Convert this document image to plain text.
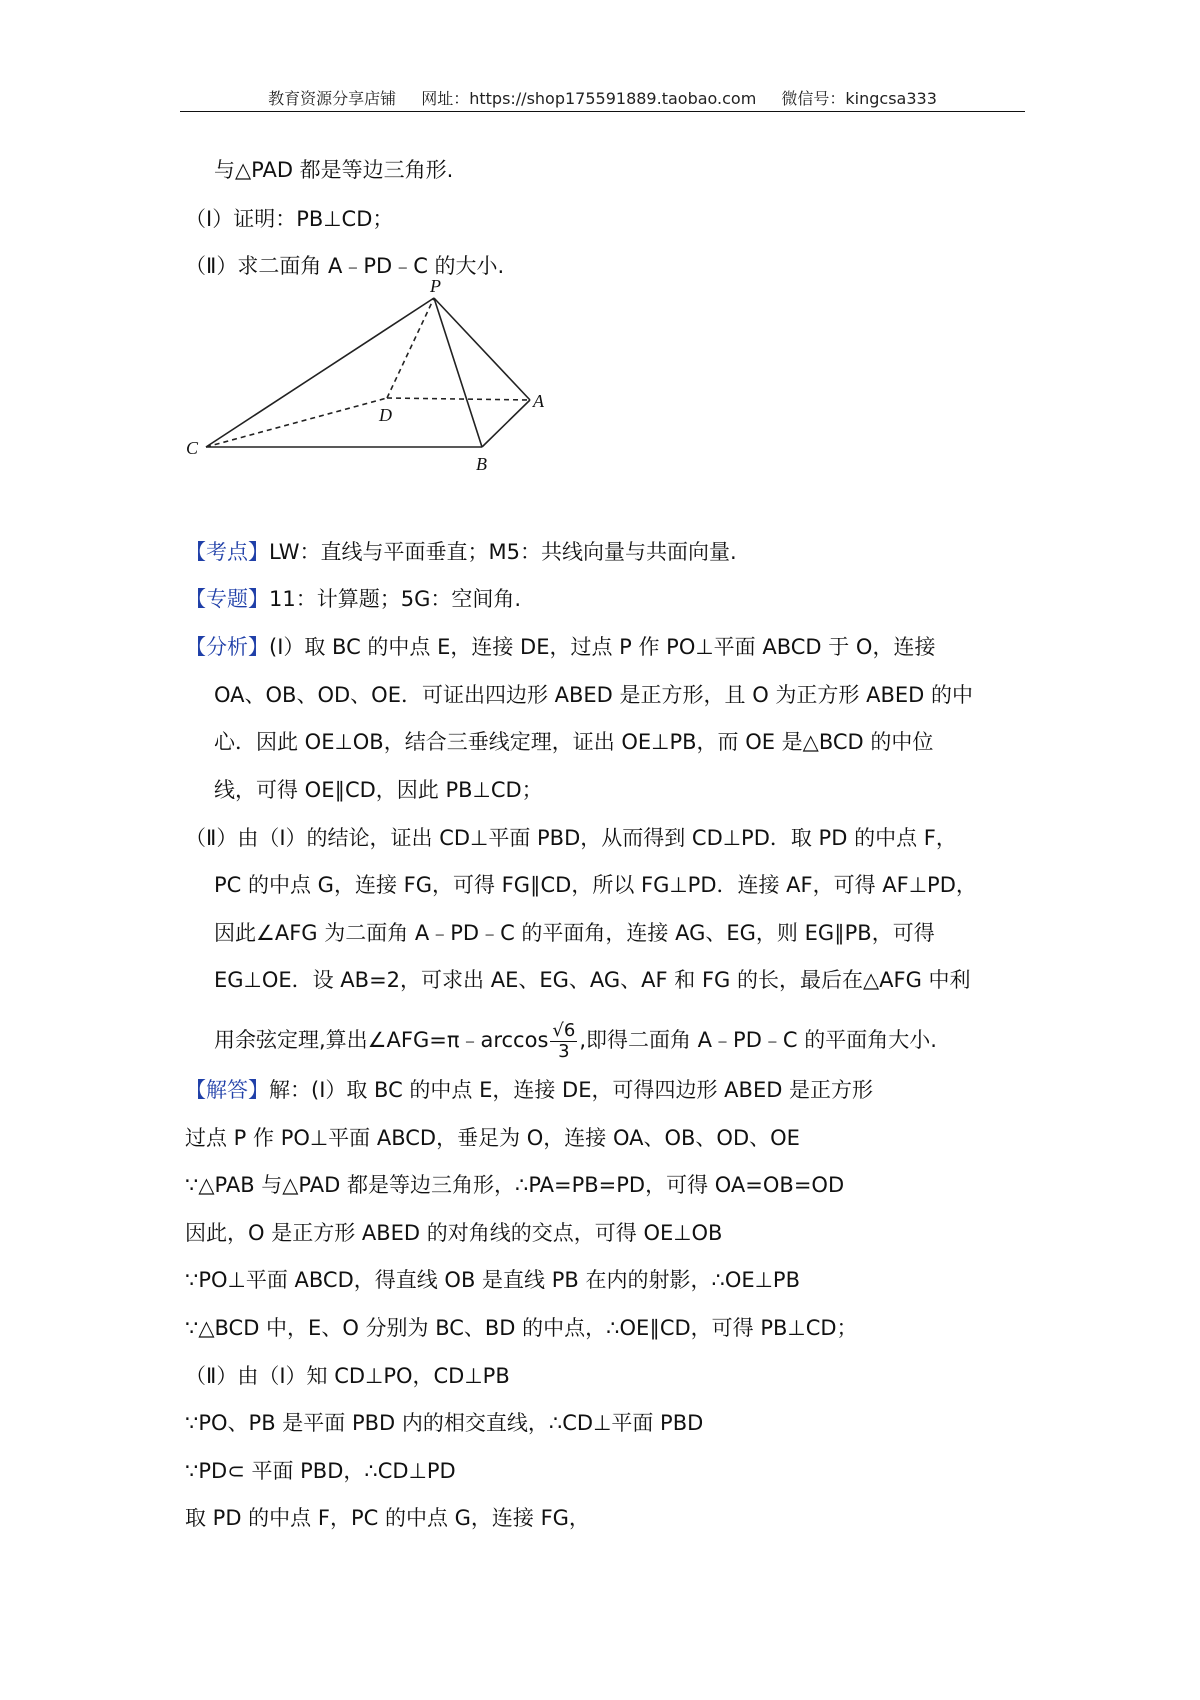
教育资源分享店铺 网址：https://shop175591889.taobao.com 微信号：kingcsa333
与△PAD 都是等边三角形.
（Ⅰ）证明：PB⊥CD；
（Ⅱ）求二面角 A﹣PD﹣C 的大小.
P
D
A
C
B
【考点】LW：直线与平面垂直；M5：共线向量与共面向量.
【专题】11：计算题；5G：空间角.
【分析】(Ⅰ）取 BC 的中点 E，连接 DE，过点 P 作 PO⊥平面 ABCD 于 O，连接
OA、OB、OD、OE．可证出四边形 ABED 是正方形，且 O 为正方形 ABED 的中
心．因此 OE⊥OB，结合三垂线定理，证出 OE⊥PB，而 OE 是△BCD 的中位
线，可得 OE∥CD，因此 PB⊥CD；
（Ⅱ）由（Ⅰ）的结论，证出 CD⊥平面 PBD，从而得到 CD⊥PD．取 PD 的中点 F，
PC 的中点 G，连接 FG，可得 FG∥CD，所以 FG⊥PD．连接 AF，可得 AF⊥PD，
因此∠AFG 为二面角 A﹣PD﹣C 的平面角，连接 AG、EG，则 EG∥PB，可得
EG⊥OE．设 AB=2，可求出 AE、EG、AG、AF 和 FG 的长，最后在△AFG 中利
用余弦定理,算出∠AFG=π﹣arccos $\frac{√6}{3}$ ,即得二面角 A﹣PD﹣C 的平面角大小.
【解答】解：(Ⅰ）取 BC 的中点 E，连接 DE，可得四边形 ABED 是正方形
过点 P 作 PO⊥平面 ABCD，垂足为 O，连接 OA、OB、OD、OE
∵△PAB 与△PAD 都是等边三角形，∴PA=PB=PD，可得 OA=OB=OD
因此，O 是正方形 ABED 的对角线的交点，可得 OE⊥OB
∵PO⊥平面 ABCD，得直线 OB 是直线 PB 在内的射影，∴OE⊥PB
∵△BCD 中，E、O 分别为 BC、BD 的中点，∴OE∥CD，可得 PB⊥CD；
（Ⅱ）由（Ⅰ）知 CD⊥PO，CD⊥PB
∵PO、PB 是平面 PBD 内的相交直线，∴CD⊥平面 PBD
∵PD⊂ 平面 PBD，∴CD⊥PD
取 PD 的中点 F，PC 的中点 G，连接 FG，
